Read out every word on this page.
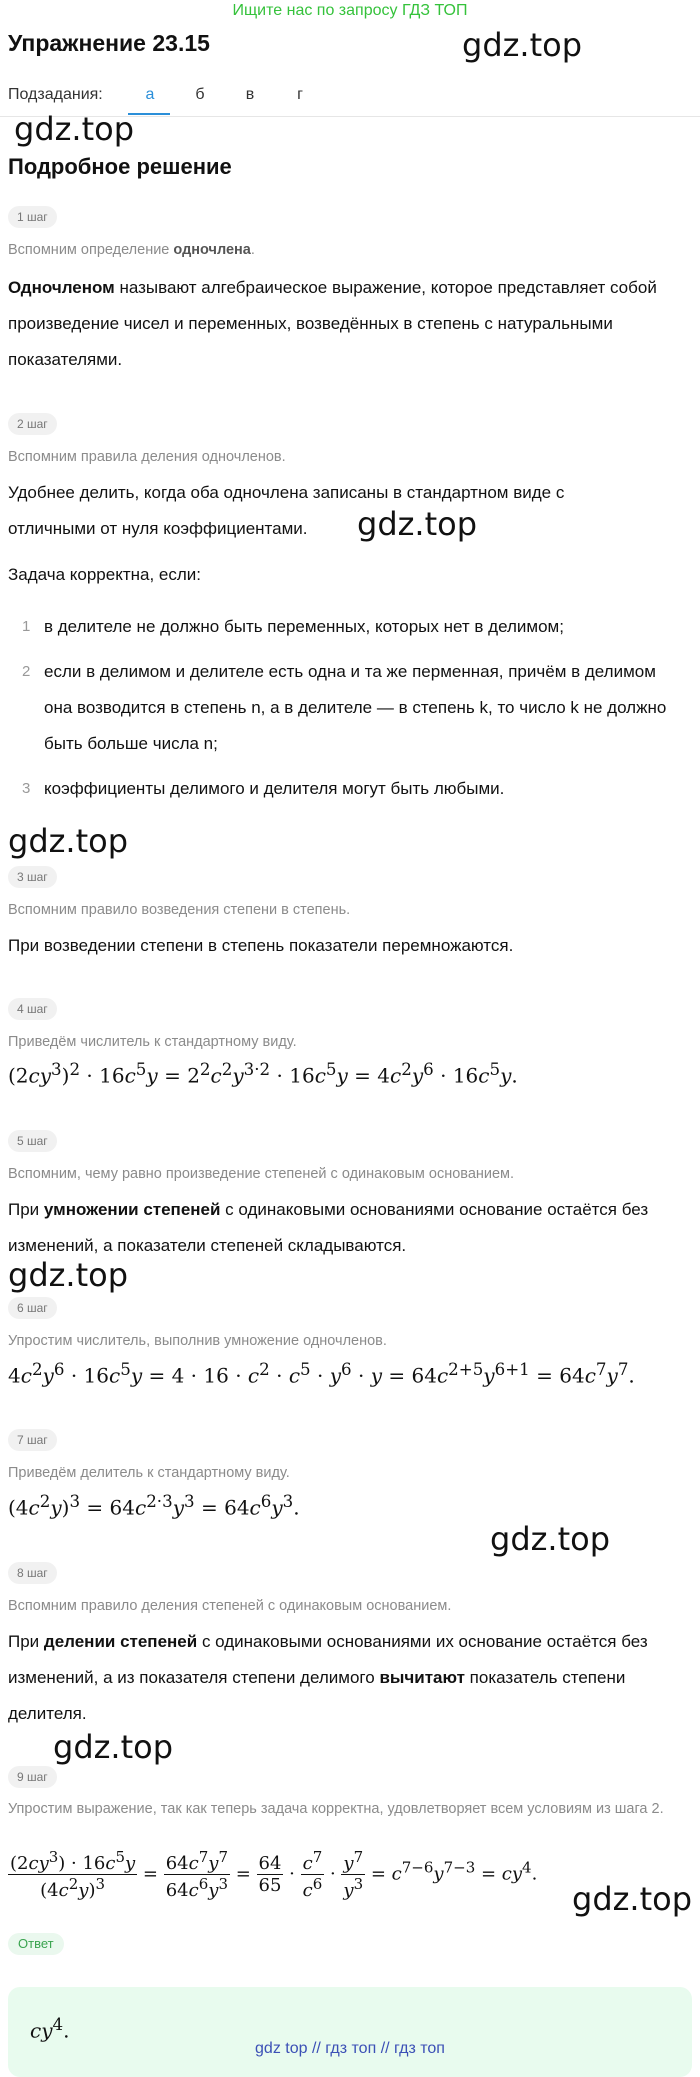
Ищите нас по запросу ГДЗ ТОП
Упражнение 23.15	gdz.top
Подзадания:	а	б	в	г
gdz.top
Подробное решение
1 шаг
Вспомним определение одночлена.
Одночленом называют алгебраическое выражение, которое представляет собой произведение чисел и переменных, возведённых в степень с натуральными показателями.
2 шаг
Вспомним правила деления одночленов.
Удобнее делить, когда оба одночлена записаны в стандартном виде с отличными от нуля коэффициентами.	gdz.top
Задача корректна, если:
1 в делителе не должно быть переменных, которых нет в делимом;
2 если в делимом и делителе есть одна и та же перменная, причём в делимом она возводится в степень n, а в делителе — в степень k, то число k не должно быть больше числа n;
3 коэффициенты делимого и делителя могут быть любыми.
gdz.top
3 шаг
Вспомним правило возведения степени в степень.
При возведении степени в степень показатели перемножаются.
4 шаг
Приведём числитель к стандартному виду.
$(2cy^3)^2 \cdot 16c^5y = 2^2c^2y^{3\cdot 2} \cdot 16c^5y = 4c^2y^6 \cdot 16c^5y$.
5 шаг
Вспомним, чему равно произведение степеней с одинаковым основанием.
При умножении степеней с одинаковыми основаниями основание остаётся без изменений, а показатели степеней складываются.
gdz.top
6 шаг
Упростим числитель, выполнив умножение одночленов.
$4c^2y^6 \cdot 16c^5y = 4 \cdot 16 \cdot c^2 \cdot c^5 \cdot y^6 \cdot y = 64c^{2+5}y^{6+1} = 64c^7y^7$.
7 шаг
Приведём делитель к стандартному виду.
$(4c^2y)^3 = 64c^{2\cdot 3}y^3 = 64c^6y^3$.
gdz.top
8 шаг
Вспомним правило деления степеней с одинаковым основанием.
При делении степеней с одинаковыми основаниями их основание остаётся без изменений, а из показателя степени делимого вычитают показатель степени делителя.
gdz.top
9 шаг
Упростим выражение, так как теперь задача корректна, удовлетворяет всем условиям из шага 2.
$\frac{(2cy^3) \cdot 16c^5y}{(4c^2y)^3} = \frac{64c^7y^7}{64c^6y^3} = \frac{64}{65} \cdot \frac{c^7}{c^6} \cdot \frac{y^7}{y^3} = c^{7-6}y^{7-3} = cy^4$.
gdz.top
Ответ
$cy^4$.
gdz top // гдз топ // гдз топ
